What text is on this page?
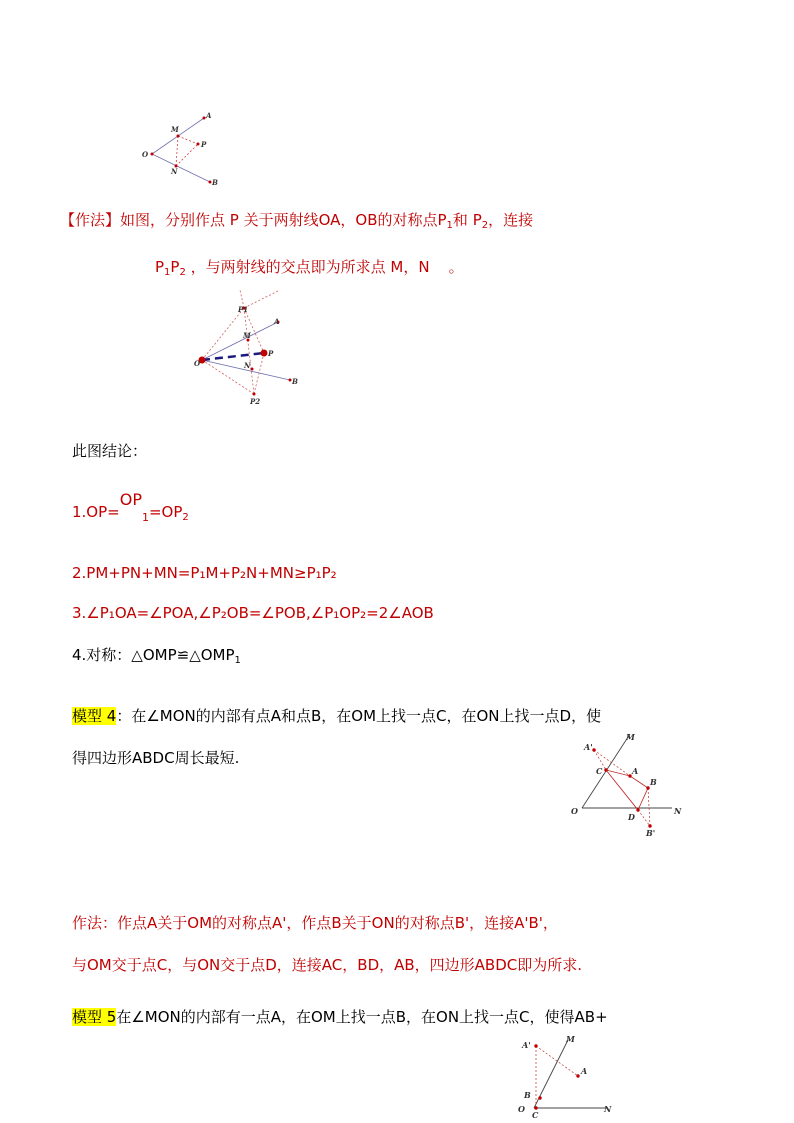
A
M
P
O
N
B
【作法】如图，分别作点 P 关于两射线OA，OB的对称点$P_1$和 $P_2$，连接
$P_1P_2$ ，与两射线的交点即为所求点 M，N 。
P1
A
M
O
P
N
B
P2
此图结论：
$1.OP=OP_1=OP_2$
2.PM+PN+MN=P₁M+P₂N+MN≥P₁P₂
3.∠P₁OA=∠POA,∠P₂OB=∠POB,∠P₁OP₂=2∠AOB
4.对称：$\triangle OMP≌\triangle OMP_1$
模型 4：在∠MON的内部有点A和点B，在OM上找一点C，在ON上找一点D，使
得四边形ABDC周长最短.
A'
M
C	A
B
O
D
N
B'
作法：作点A关于OM的对称点A'，作点B关于ON的对称点B'，连接A'B'，
与OM交于点C，与ON交于点D，连接AC，BD，AB，四边形ABDC即为所求.
模型 5在∠MON的内部有一点A，在OM上找一点B，在ON上找一点C，使得AB+
A'
M
A
B
O
C
N
